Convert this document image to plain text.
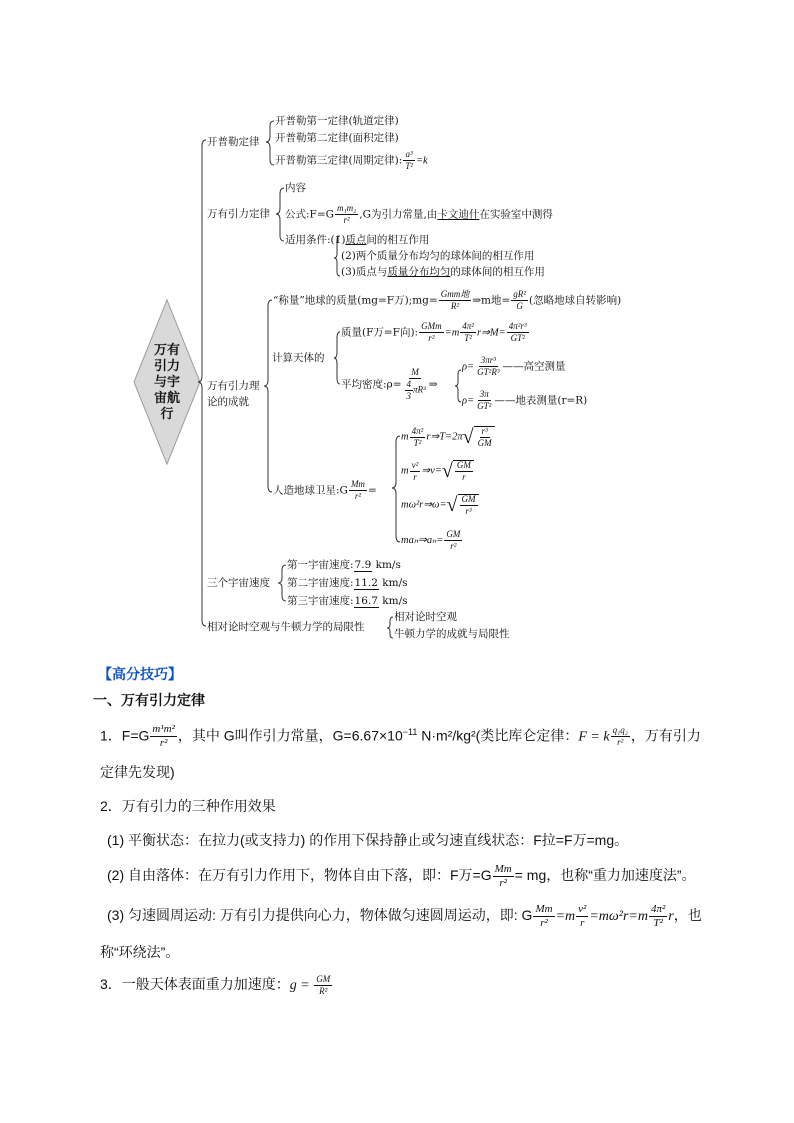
万有
引力
与宇
宙航
行
开普勒定律
开普勒第一定律(轨道定律)
开普勒第二定律(面积定律)
开普勒第三定律(周期定律): $\frac{\text{a³}}{\text{T²}} =k$
万有引力定律
内容
公式:F=G $\frac{\text{m₁m₂}}{\text{r²}} ,G$为引力常量,由卡文迪什在实验室中测得
适用条件:(1)质点间的相互作用
(2)两个质量分布均匀的球体间的相互作用
(3)质点与质量分布均匀的球体间的相互作用
万有引力理
论的成就
“称量”地球的质量(mg=F万);mg= $\frac{\text{Gmm地}}{\text{R²}}$ ⇒m地= $\frac{\text{gR²}}{G}$ (忽略地球自转影响)
计算天体的
质量(F万=F向): $\frac{\text{GMm}}{\text{r²}} =m \frac{\text{4π²}}{\text{T²}}$ r⇒M= $\frac{\text{4π²r³}}{\text{GT²}}$
平均密度:ρ= $\frac{M}{\frac{4}{3} \pi R^3}$ ⇒
$\rho= \frac{\text{3πr³}}{\text{GT²R³}}$ ——高空测量
$\rho= \frac{3\pi}{\text{GT²}}$ ——地表测量(r=R)
人造地球卫星:G $\frac{Mm}{\text{r²}}$ =
m $\frac{\text{4π²}}{\text{T²}}$ r⇒T=2π √ $\frac{\text{r³}}{GM}$
m $\frac{\text{v²}}{r}$ ⇒v= √ $\frac{GM}{r}$
mω²r⇒ω= √ $\frac{GM}{\text{r³}}$
maₙ⇒aₙ= $\frac{GM}{\text{r²}}$
三个宇宙速度
第一宇宙速度:7.9 km/s
第二宇宙速度:11.2 km/s
第三宇宙速度:16.7 km/s
相对论时空观与牛顿力学的局限性
相对论时空观
牛顿力学的成就与局限性
【高分技巧】
一、万有引力定律
1．$F=G \frac{\text{m¹m²}}{\text{r²}}$ ，其中 G叫作引力常量，$G=6.67\times 10^{-11}$ N·m²/kg²(类比库仑定律：F = k $\frac{\text{q₁q₂}}{\text{r²}}$ ，万有引力
定律先发现)
2．万有引力的三种作用效果
(1) 平衡状态：在拉力(或支持力) 的作用下保持静止或匀速直线状态：F拉=F万=mg。
(2) 自由落体：在万有引力作用下，物体自由下落，即：F万$=G \frac{Mm}{\text{r²}}$ = mg，也称“重力加速度法”。
(3) 匀速圆周运动: 万有引力提供向心力，物体做匀速圆周运动，即: G $\frac{Mm}{\text{r²}} =m \frac{\text{v²}}{r} =m\omega^2r=m \frac{\text{4π²}}{\text{T²}}$ r，也
称“环绕法”。
3．一般天体表面重力加速度：$g = \frac{GM}{\text{R²}}$
